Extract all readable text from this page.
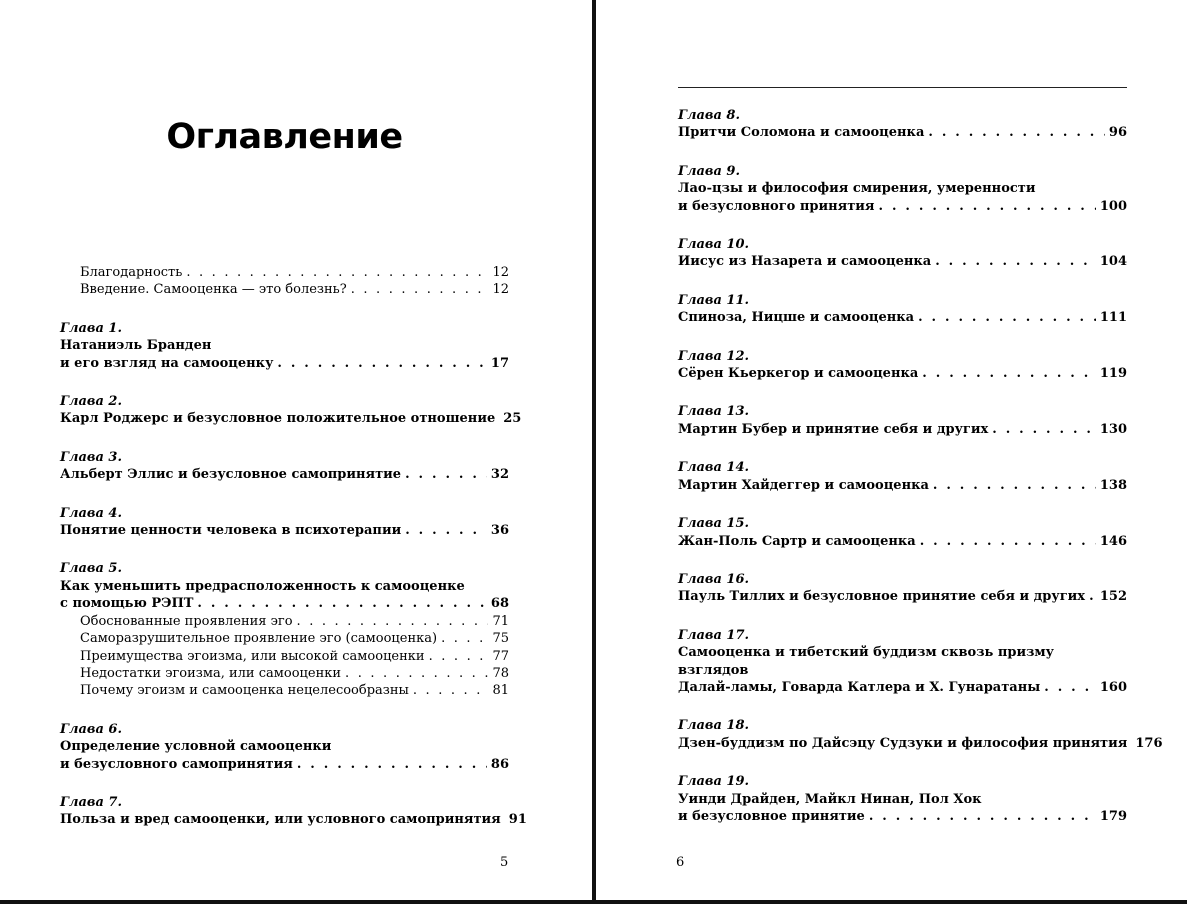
Оглавление
Благодарность . . .	12
Введение. Самооценка — это болезнь? . . .	12
Глава 1.
Натаниэль Бранден
и его взгляд на самооценку . . .	17
Глава 2.
Карл Роджерс и безусловное положительное отношение 25
Глава 3.
Альберт Эллис и безусловное самопринятие . . .	32
Глава 4.
Понятие ценности человека в психотерапии . . .	36
Глава 5.
Как уменьшить предрасположенность к самооценке
с помощью РЭПТ . . .	68
Обоснованные проявления эго . . .	71
Саморазрушительное проявление эго (самооценка) . . .	75
Преимущества эгоизма, или высокой самооценки . . .	77
Недостатки эгоизма, или самооценки . . .	78
Почему эгоизм и самооценка нецелесообразны . . .	81
Глава 6.
Определение условной самооценки
и безусловного самопринятия . . .	86
Глава 7.
Польза и вред самооценки, или условного самопринятия 91
5
Глава 8.
Притчи Соломона и самооценка . . .	96
Глава 9.
Лао-цзы и философия смирения, умеренности
и безусловного принятия . . .	100
Глава 10.
Иисус из Назарета и самооценка . . .	104
Глава 11.
Спиноза, Ницше и самооценка . . .	111
Глава 12.
Сёрен Кьеркегор и самооценка . . .	119
Глава 13.
Мартин Бубер и принятие себя и других . . .	130
Глава 14.
Мартин Хайдеггер и самооценка . . .	138
Глава 15.
Жан-Поль Сартр и самооценка . . .	146
Глава 16.
Пауль Тиллих и безусловное принятие себя и других . . . 152
Глава 17.
Самооценка и тибетский буддизм сквозь призму взглядов
Далай-ламы, Говарда Катлера и Х. Гунаратаны . . .	160
Глава 18.
Дзен-буддизм по Дайсэцу Судзуки и философия принятия 176
Глава 19.
Уинди Драйден, Майкл Нинан, Пол Хок
и безусловное принятие . . .	179
6
